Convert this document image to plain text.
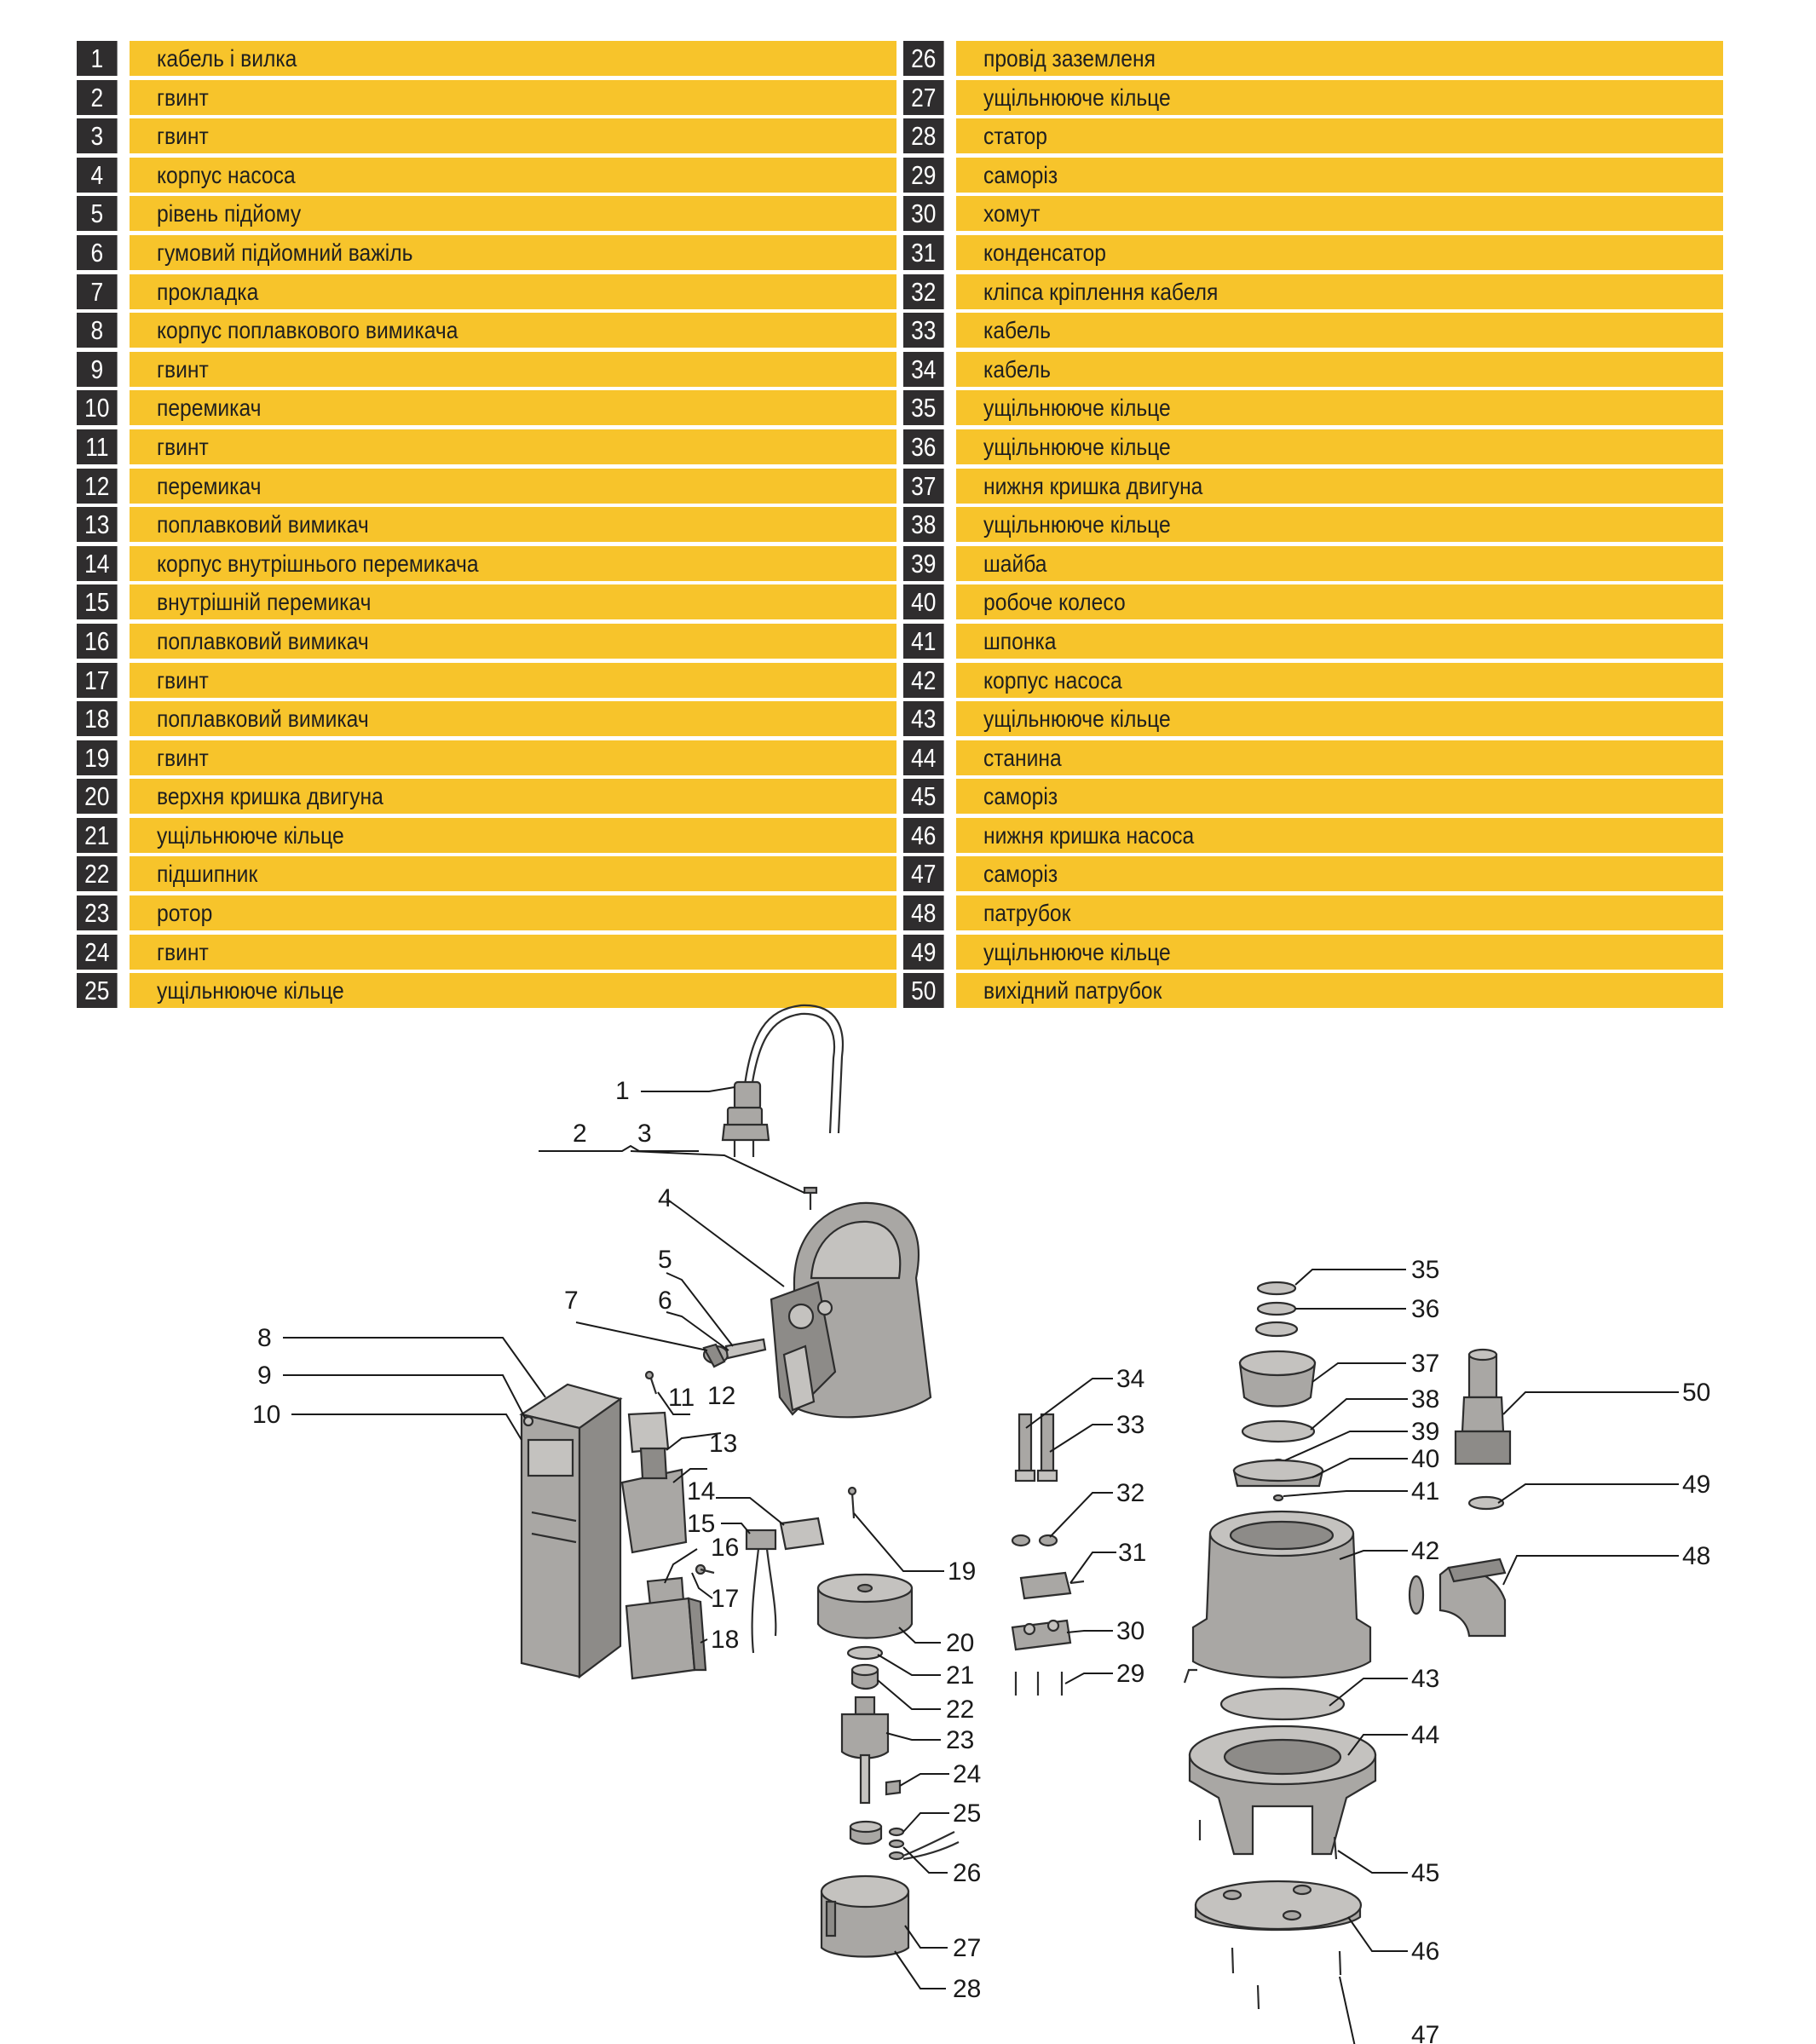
1	кабель і вилка
2	гвинт
3	гвинт
4	корпус насоса
5	рівень підйому
6	гумовий підйомний важіль
7	прокладка
8	корпус поплавкового вимикача
9	гвинт
10	перемикач
11	гвинт
12	перемикач
13	поплавковий вимикач
14	корпус внутрішнього перемикача
15	внутрішній перемикач
16	поплавковий вимикач
17	гвинт
18	поплавковий вимикач
19	гвинт
20	верхня кришка двигуна
21	ущільнююче кільце
22	підшипник
23	ротор
24	гвинт
25	ущільнююче кільце
26	провід заземленя
27	ущільнююче кільце
28	статор
29	саморіз
30	хомут
31	конденсатор
32	кліпса кріплення кабеля
33	кабель
34	кабель
35	ущільнююче кільце
36	ущільнююче кільце
37	нижня кришка двигуна
38	ущільнююче кільце
39	шайба
40	робоче колесо
41	шпонка
42	корпус насоса
43	ущільнююче кільце
44	станина
45	саморіз
46	нижня кришка насоса
47	саморіз
48	патрубок
49	ущільнююче кільце
50	вихідний патрубок
1
2 3
4
5
6
7
8
9
10
11 12
13
14
15
16
17
18
19
20
21
22
23
24
25
26
27
28
29
30
31
32
33
34
35
36
37
38
39
40
41
42
43
44
45
46
47
48
49
50
